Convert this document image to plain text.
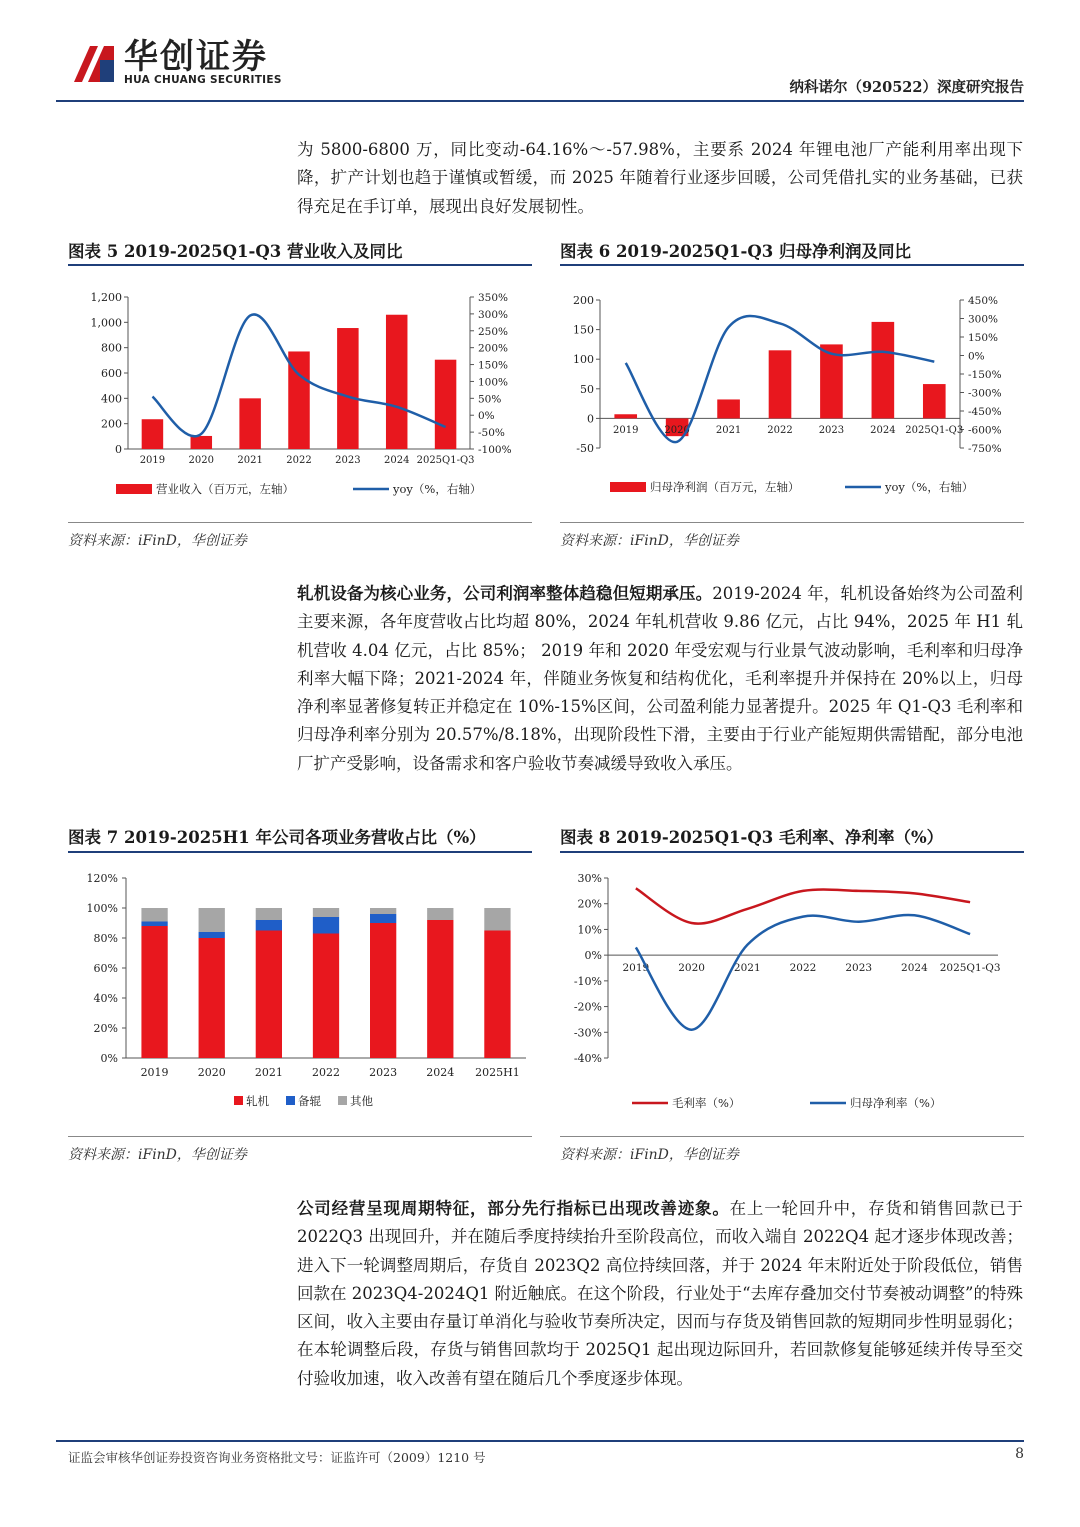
华创证券
HUA CHUANG SECURITIES	纳科诺尔（920522）深度研究报告
为 5800-6800 万，同比变动-64.16%～-57.98%，主要系 2024 年锂电池厂产能利用率出现下降，扩产计划也趋于谨慎或暂缓，而 2025 年随着行业逐步回暖，公司凭借扎实的业务基础，已获得充足在手订单，展现出良好发展韧性。
图表 5 2019-2025Q1-Q3 营业收入及同比	图表 6 2019-2025Q1-Q3 归母净利润及同比
0
200
400
600
800
1,000
1,200
-100%
-50%
0%
50%
100%
150%
200%
250%
300%
350%
2019 2020 2021 2022 2023 2024 2025Q1-Q3
营业收入（百万元，左轴）	yoy（%，右轴）
-50
0
50
100
150
200
-750%
-600%
-450%
-300%
-150%
0%
150%
300%
450%
2019	2020	2021	2022	2023	2024 2025Q1-Q3
归母净利润（百万元，左轴）	yoy（%，右轴）
资料来源：iFinD，华创证券	资料来源：iFinD，华创证券
轧机设备为核心业务，公司利润率整体趋稳但短期承压。2019-2024 年，轧机设备始终为公司盈利主要来源，各年度营收占比均超 80%，2024 年轧机营收 9.86 亿元，占比 94%，2025 年 H1 轧机营收 4.04 亿元，占比 85%； 2019 年和 2020 年受宏观与行业景气波动影响，毛利率和归母净利率大幅下降；2021-2024 年，伴随业务恢复和结构优化，毛利率提升并保持在 20%以上，归母净利率显著修复转正并稳定在 10%-15%区间，公司盈利能力显著提升。2025 年 Q1-Q3 毛利率和归母净利率分别为 20.57%/8.18%，出现阶段性下滑，主要由于行业产能短期供需错配，部分电池厂扩产受影响，设备需求和客户验收节奏减缓导致收入承压。
图表 7 2019-2025H1 年公司各项业务营收占比（%）	图表 8 2019-2025Q1-Q3 毛利率、净利率（%）
0%
20%
40%
60%
80%
100%
120%
2019	2020	2021	2022	2023	2024 2025H1
轧机	备辊	其他
-40%
-30%
-20%
-10%
0%
10%
20%
30%
2019	2020	2021	2022	2023	2024 2025Q1-Q3
毛利率（%）	归母净利率（%）
资料来源：iFinD，华创证券	资料来源：iFinD，华创证券
公司经营呈现周期特征，部分先行指标已出现改善迹象。在上一轮回升中，存货和销售回款已于 2022Q3 出现回升，并在随后季度持续抬升至阶段高位，而收入端自 2022Q4 起才逐步体现改善；进入下一轮调整周期后，存货自 2023Q2 高位持续回落，并于 2024 年末附近处于阶段低位，销售回款在 2023Q4-2024Q1 附近触底。在这个阶段，行业处于“去库存叠加交付节奏被动调整”的特殊区间，收入主要由存量订单消化与验收节奏所决定，因而与存货及销售回款的短期同步性明显弱化；在本轮调整后段，存货与销售回款均于 2025Q1 起出现边际回升，若回款修复能够延续并传导至交付验收加速，收入改善有望在随后几个季度逐步体现。
证监会审核华创证券投资咨询业务资格批文号：证监许可（2009）1210 号	8
